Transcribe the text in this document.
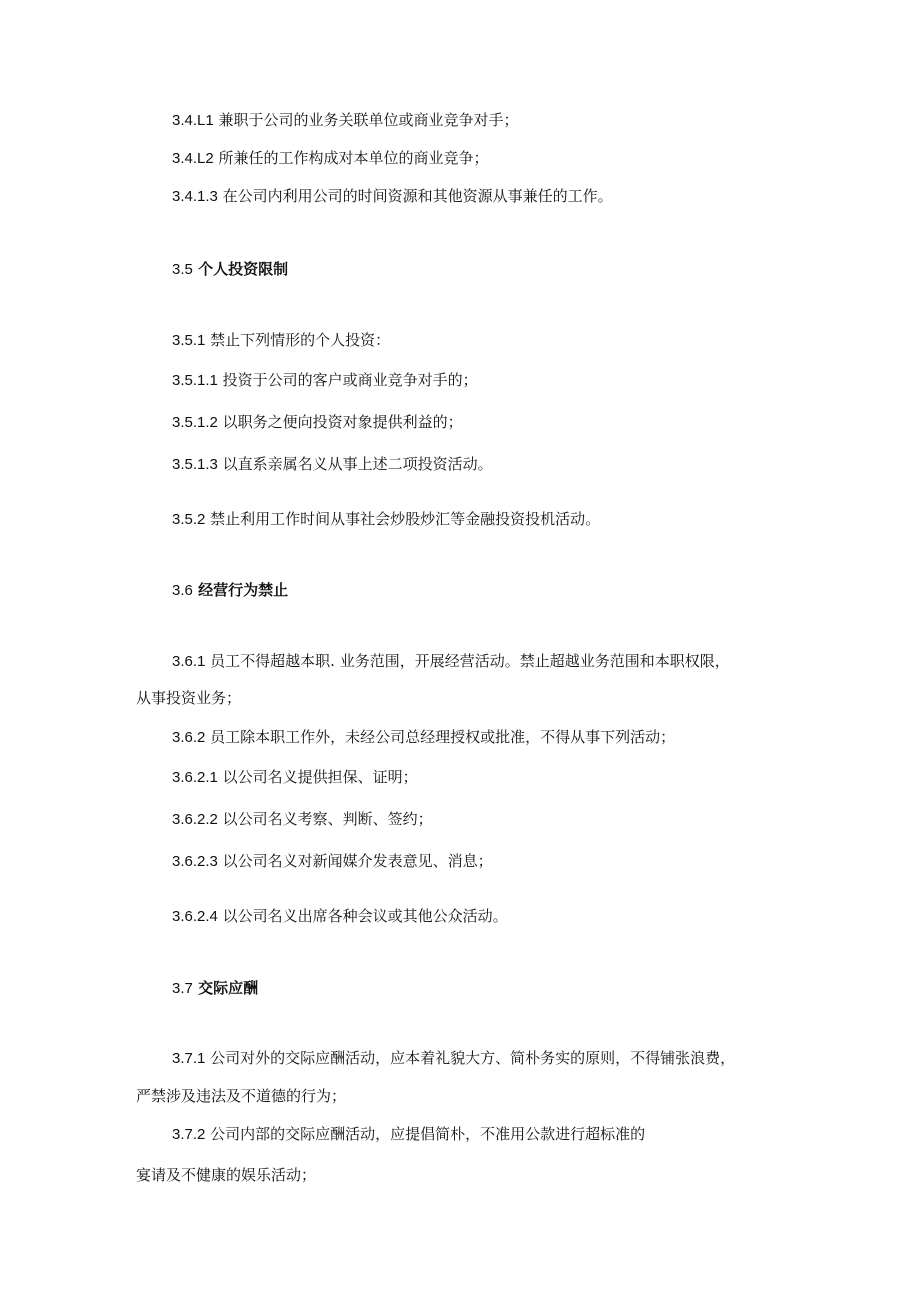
3.4.L1 兼职于公司的业务关联单位或商业竞争对手；
3.4.L2 所兼任的工作构成对本单位的商业竞争；
3.4.1.3 在公司内利用公司的时间资源和其他资源从事兼任的工作。
3.5 个人投资限制
3.5.1 禁止下列情形的个人投资：
3.5.1.1 投资于公司的客户或商业竞争对手的；
3.5.1.2 以职务之便向投资对象提供利益的；
3.5.1.3 以直系亲属名义从事上述二项投资活动。
3.5.2 禁止利用工作时间从事社会炒股炒汇等金融投资投机活动。
3.6 经营行为禁止
3.6.1 员工不得超越本职. 业务范围，开展经营活动。禁止超越业务范围和本职权限，
从事投资业务；
3.6.2 员工除本职工作外，未经公司总经理授权或批准，不得从事下列活动；
3.6.2.1 以公司名义提供担保、证明；
3.6.2.2 以公司名义考察、判断、签约；
3.6.2.3 以公司名义对新闻媒介发表意见、消息；
3.6.2.4 以公司名义出席各种会议或其他公众活动。
3.7 交际应酬
3.7.1 公司对外的交际应酬活动，应本着礼貌大方、简朴务实的原则，不得铺张浪费，
严禁涉及违法及不道德的行为；
3.7.2 公司内部的交际应酬活动，应提倡简朴，不准用公款进行超标准的
宴请及不健康的娱乐活动；
